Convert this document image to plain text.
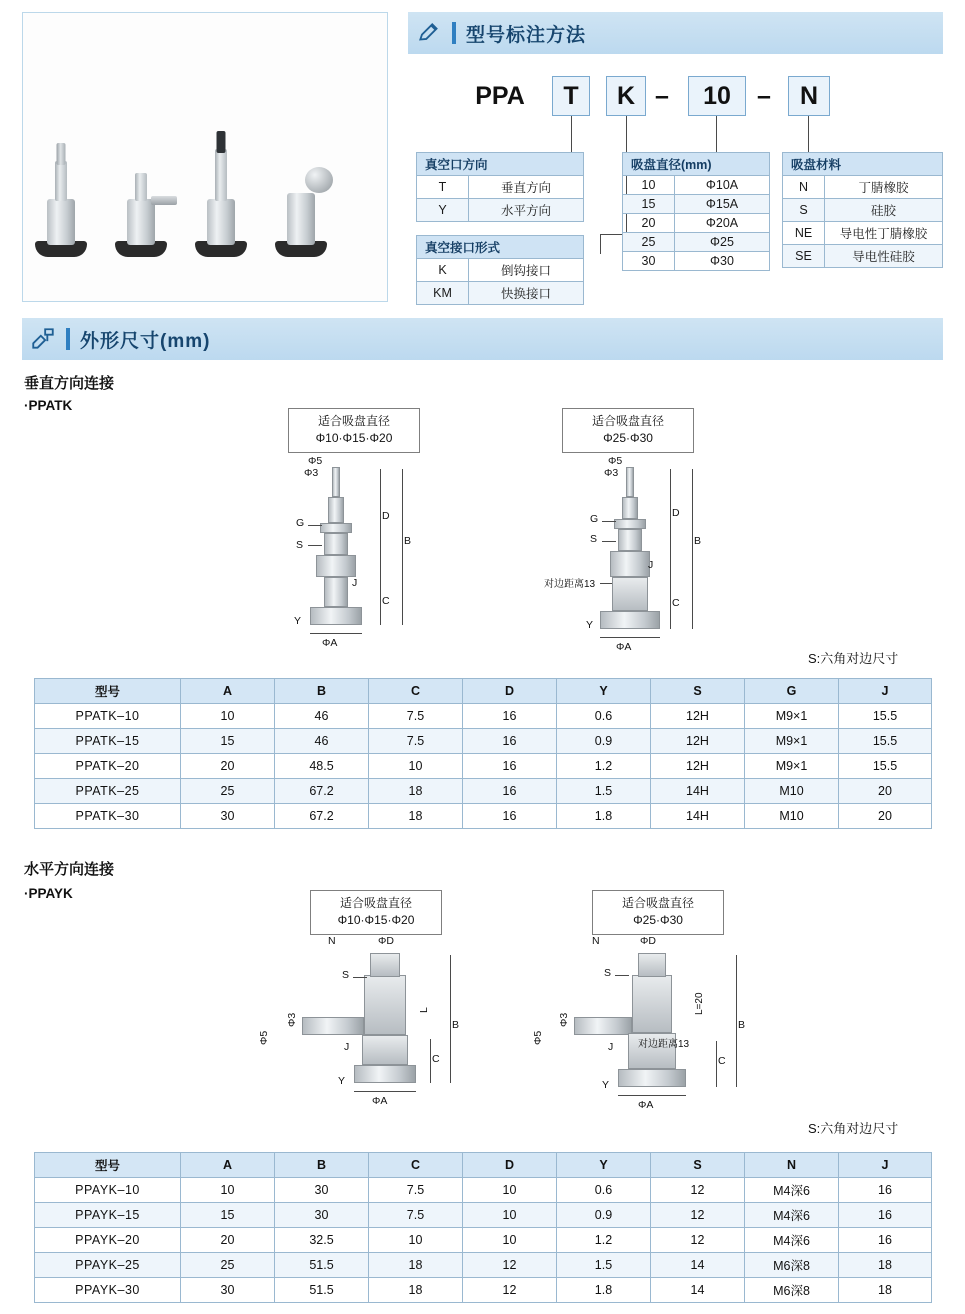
型号标注方法
PPA	T	K –	10	–	N
真空口方向	
T	垂直方向
Y	水平方向
真空接口形式	
K	倒钩接口
KM	快换接口
吸盘直径(mm)	
10	Φ10A
15	Φ15A
20	Φ20A
25	Φ25
30	Φ30
吸盘材料	
N	丁腈橡胶
S	硅胶
NE	导电性丁腈橡胶
SE	导电性硅胶
外形尺寸(mm)
垂直方向连接
·PPATK
适合吸盘直径
Φ10·Φ15·Φ20
适合吸盘直径
Φ25·Φ30
Φ5
Φ3
G
S
J
Y
D
B
C
ΦA
Φ5
Φ3
G
S
J
Y
对边距离13
D
B
C
ΦA
S:六角对边尺寸
型号	A	B	C	D	Y	S	G	J
PPATK–10	10	46	7.5	16	0.6	12H	M9×1	15.5
PPATK–15	15	46	7.5	16	0.9	12H	M9×1	15.5
PPATK–20	20	48.5	10	16	1.2	12H	M9×1	15.5
PPATK–25	25	67.2	18	16	1.5	14H	M10	20
PPATK–30	30	67.2	18	16	1.8	14H	M10	20
水平方向连接
·PPAYK
适合吸盘直径
Φ10·Φ15·Φ20
适合吸盘直径
Φ25·Φ30
N	ΦD
Φ5
Φ3
S
L
J
Y
B
C
ΦA
N	ΦD
Φ5
Φ3
S
L=20
J
Y
对边距离13
B
C
ΦA
S:六角对边尺寸
型号	A	B	C	D	Y	S	N	J
PPAYK–10	10	30	7.5	10	0.6	12	M4深6	16
PPAYK–15	15	30	7.5	10	0.9	12	M4深6	16
PPAYK–20	20	32.5	10	10	1.2	12	M4深6	16
PPAYK–25	25	51.5	18	12	1.5	14	M6深8	18
PPAYK–30	30	51.5	18	12	1.8	14	M6深8	18
